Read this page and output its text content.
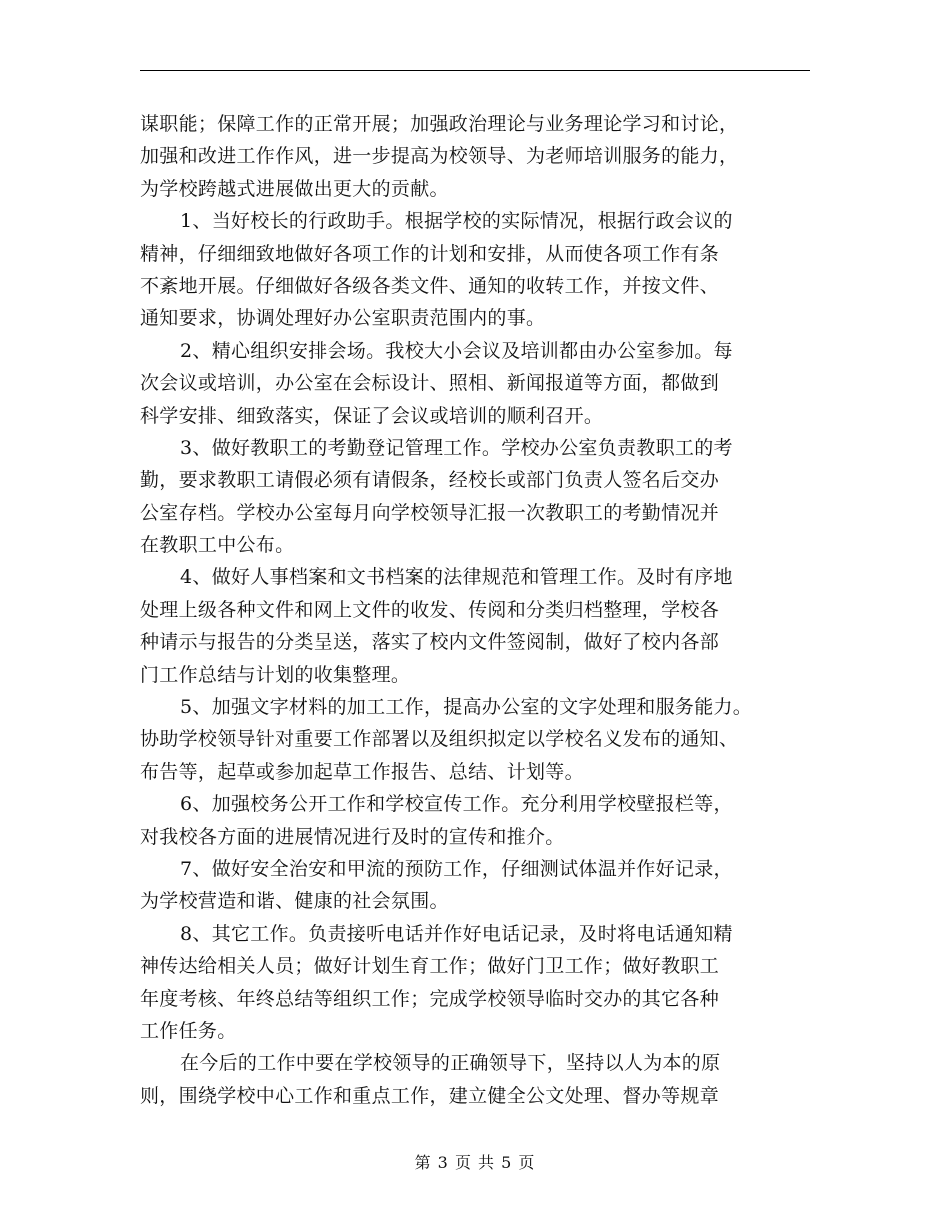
谋职能；保障工作的正常开展；加强政治理论与业务理论学习和讨论，
加强和改进工作作风，进一步提高为校领导、为老师培训服务的能力，
为学校跨越式进展做出更大的贡献。
1、当好校长的行政助手。根据学校的实际情况，根据行政会议的
精神，仔细细致地做好各项工作的计划和安排，从而使各项工作有条
不紊地开展。仔细做好各级各类文件、通知的收转工作，并按文件、
通知要求，协调处理好办公室职责范围内的事。
2、精心组织安排会场。我校大小会议及培训都由办公室参加。每
次会议或培训，办公室在会标设计、照相、新闻报道等方面，都做到
科学安排、细致落实，保证了会议或培训的顺利召开。
3、做好教职工的考勤登记管理工作。学校办公室负责教职工的考
勤，要求教职工请假必须有请假条，经校长或部门负责人签名后交办
公室存档。学校办公室每月向学校领导汇报一次教职工的考勤情况并
在教职工中公布。
4、做好人事档案和文书档案的法律规范和管理工作。及时有序地
处理上级各种文件和网上文件的收发、传阅和分类归档整理，学校各
种请示与报告的分类呈送，落实了校内文件签阅制，做好了校内各部
门工作总结与计划的收集整理。
5、加强文字材料的加工工作，提高办公室的文字处理和服务能力。
协助学校领导针对重要工作部署以及组织拟定以学校名义发布的通知、
布告等，起草或参加起草工作报告、总结、计划等。
6、加强校务公开工作和学校宣传工作。充分利用学校壁报栏等，
对我校各方面的进展情况进行及时的宣传和推介。
7、做好安全治安和甲流的预防工作，仔细测试体温并作好记录，
为学校营造和谐、健康的社会氛围。
8、其它工作。负责接听电话并作好电话记录，及时将电话通知精
神传达给相关人员；做好计划生育工作；做好门卫工作；做好教职工
年度考核、年终总结等组织工作；完成学校领导临时交办的其它各种
工作任务。
在今后的工作中要在学校领导的正确领导下，坚持以人为本的原
则，围绕学校中心工作和重点工作，建立健全公文处理、督办等规章
第 3 页 共 5 页
